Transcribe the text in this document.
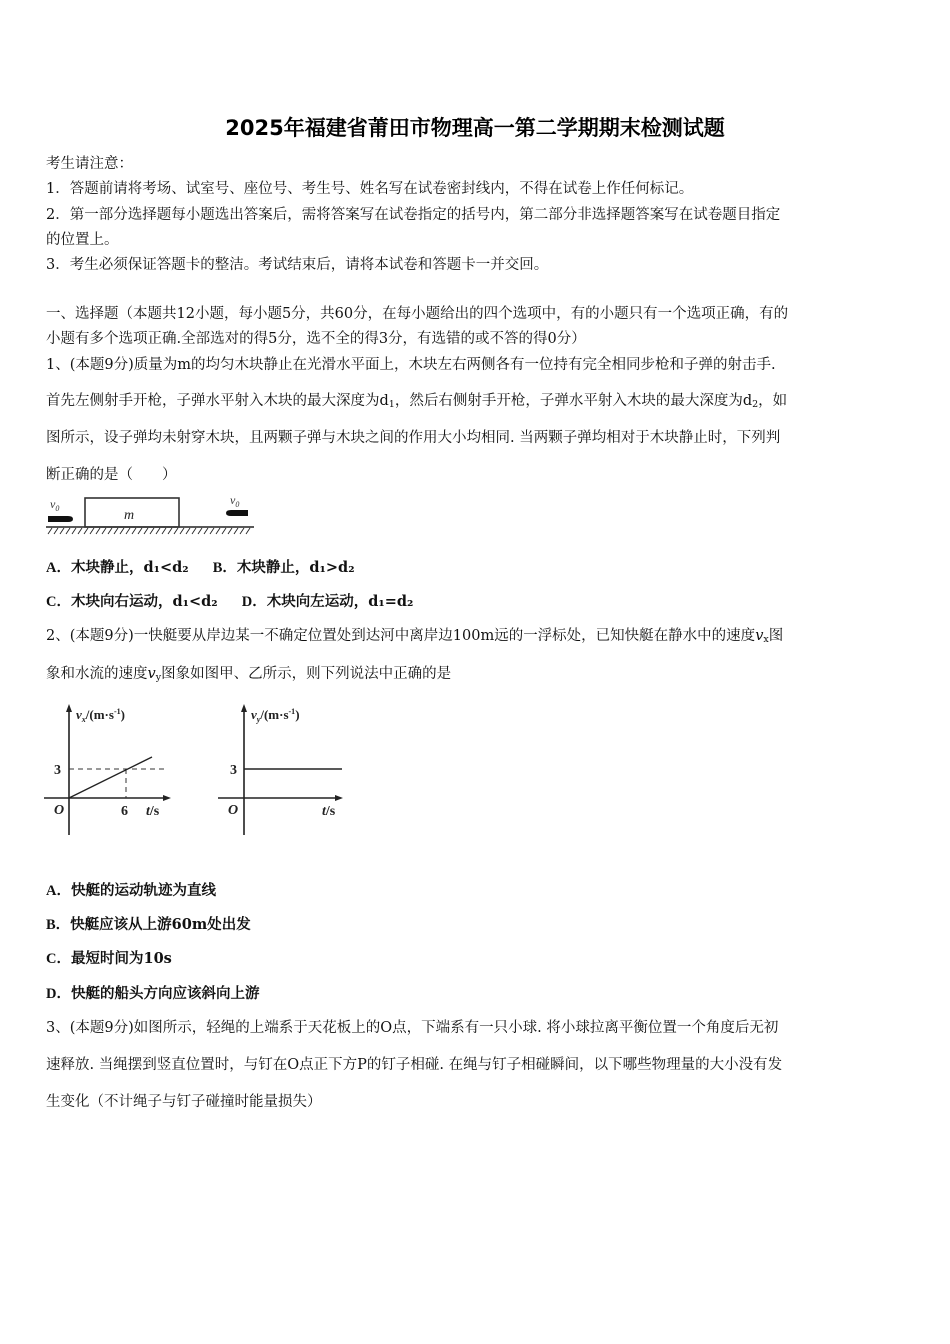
2025年福建省莆田市物理高一第二学期期末检测试题
考生请注意：
1．答题前请将考场、试室号、座位号、考生号、姓名写在试卷密封线内，不得在试卷上作任何标记。
2．第一部分选择题每小题选出答案后，需将答案写在试卷指定的括号内，第二部分非选择题答案写在试卷题目指定
的位置上。
3．考生必须保证答题卡的整洁。考试结束后，请将本试卷和答题卡一并交回。
一、选择题（本题共12小题，每小题5分，共60分，在每小题给出的四个选项中，有的小题只有一个选项正确，有的
小题有多个选项正确.全部选对的得5分，选不全的得3分，有选错的或不答的得0分）
1、(本题9分)质量为m的均匀木块静止在光滑水平面上，木块左右两侧各有一位持有完全相同步枪和子弹的射击手.
首先左侧射手开枪，子弹水平射入木块的最大深度为$d_1$，然后右侧射手开枪，子弹水平射入木块的最大深度为$d_2$，如
图所示，设子弹均未射穿木块，且两颗子弹与木块之间的作用大小均相同. 当两颗子弹均相对于木块静止时，下列判
断正确的是（　　）
m
$v_0$
$v_0$
A．木块静止，d₁<d₂ B．木块静止，d₁>d₂
C．木块向右运动，d₁<d₂ D．木块向左运动，d₁=d₂
2、(本题9分)一快艇要从岸边某一不确定位置处到达河中离岸边100m远的一浮标处，已知快艇在静水中的速度$v_x$图
象和水流的速度$v_y$图象如图甲、乙所示，则下列说法中正确的是
$v_x/(m\cdot s^{-1})$
3
O	6 t/s
$v_y/(m\cdot s^{-1})$
3
O	t/s
A．快艇的运动轨迹为直线
B．快艇应该从上游60m处出发
C．最短时间为10s
D．快艇的船头方向应该斜向上游
3、(本题9分)如图所示，轻绳的上端系于天花板上的O点，下端系有一只小球. 将小球拉离平衡位置一个角度后无初
速释放. 当绳摆到竖直位置时，与钉在O点正下方P的钉子相碰. 在绳与钉子相碰瞬间，以下哪些物理量的大小没有发
生变化（不计绳子与钉子碰撞时能量损失）
